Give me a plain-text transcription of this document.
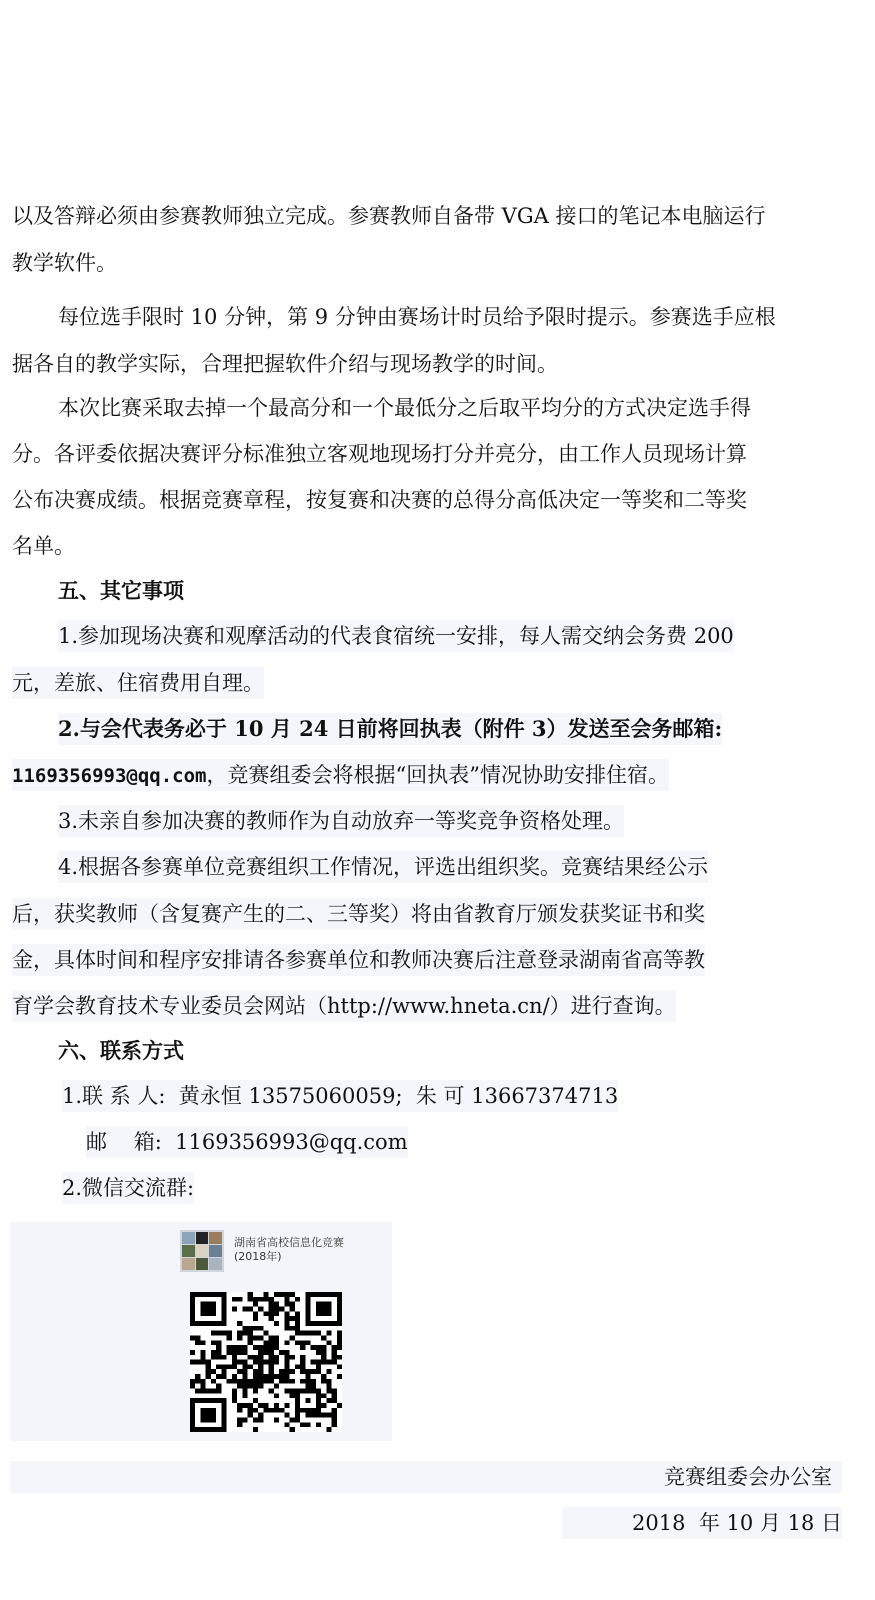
以及答辩必须由参赛教师独立完成。参赛教师自备带 VGA 接口的笔记本电脑运行
教学软件。
每位选手限时 10 分钟，第 9 分钟由赛场计时员给予限时提示。参赛选手应根
据各自的教学实际，合理把握软件介绍与现场教学的时间。
本次比赛采取去掉一个最高分和一个最低分之后取平均分的方式决定选手得
分。各评委依据决赛评分标准独立客观地现场打分并亮分，由工作人员现场计算
公布决赛成绩。根据竞赛章程，按复赛和决赛的总得分高低决定一等奖和二等奖
名单。
五、其它事项
1.参加现场决赛和观摩活动的代表食宿统一安排，每人需交纳会务费 200
元，差旅、住宿费用自理。
2.与会代表务必于 10 月 24 日前将回执表（附件 3）发送至会务邮箱:
1169356993@qq.com，竞赛组委会将根据“回执表”情况协助安排住宿。
3.未亲自参加决赛的教师作为自动放弃一等奖竞争资格处理。
4.根据各参赛单位竞赛组织工作情况，评选出组织奖。竞赛结果经公示
后，获奖教师（含复赛产生的二、三等奖）将由省教育厅颁发获奖证书和奖
金，具体时间和程序安排请各参赛单位和教师决赛后注意登录湖南省高等教
育学会教育技术专业委员会网站（http://www.hneta.cn/）进行查询。
六、联系方式
1.联 系 人:  黄永恒 13575060059;  朱 可 13667374713
邮    箱:  1169356993@qq.com
2.微信交流群:
湖南省高校信息化竞赛
(2018年)
竞赛组委会办公室
2018  年 10 月 18 日
